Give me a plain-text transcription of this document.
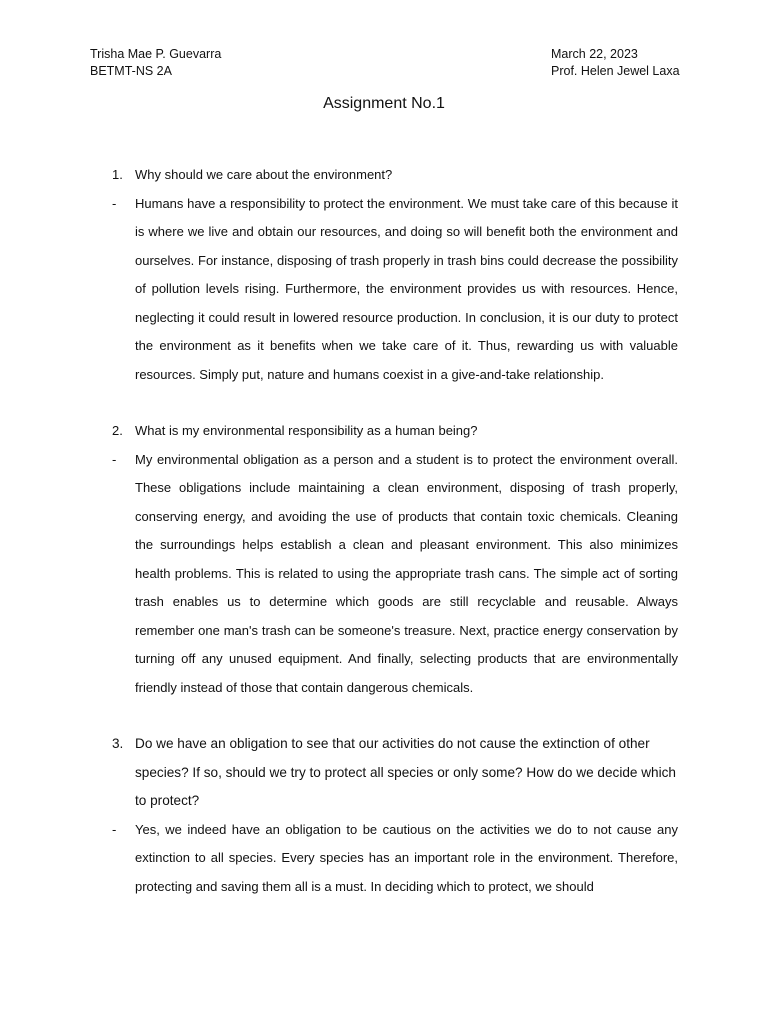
Trisha Mae P. Guevarra
BETMT-NS 2A
March 22, 2023
Prof. Helen Jewel Laxa
Assignment No.1
1. Why should we care about the environment?
-	Humans have a responsibility to protect the environment. We must take care of this because it is where we live and obtain our resources, and doing so will benefit both the environment and ourselves. For instance, disposing of trash properly in trash bins could decrease the possibility of pollution levels rising. Furthermore, the environment provides us with resources. Hence, neglecting it could result in lowered resource production. In conclusion, it is our duty to protect the environment as it benefits when we take care of it. Thus, rewarding us with valuable resources. Simply put, nature and humans coexist in a give-and-take relationship.
2. What is my environmental responsibility as a human being?
-	My environmental obligation as a person and a student is to protect the environment overall. These obligations include maintaining a clean environment, disposing of trash properly, conserving energy, and avoiding the use of products that contain toxic chemicals. Cleaning the surroundings helps establish a clean and pleasant environment. This also minimizes health problems. This is related to using the appropriate trash cans. The simple act of sorting trash enables us to determine which goods are still recyclable and reusable. Always remember one man's trash can be someone's treasure. Next, practice energy conservation by turning off any unused equipment. And finally, selecting products that are environmentally friendly instead of those that contain dangerous chemicals.
3. Do we have an obligation to see that our activities do not cause the extinction of other species? If so, should we try to protect all species or only some? How do we decide which to protect?
-	Yes, we indeed have an obligation to be cautious on the activities we do to not cause any extinction to all species. Every species has an important role in the environment. Therefore, protecting and saving them all is a must. In deciding which to protect, we should
